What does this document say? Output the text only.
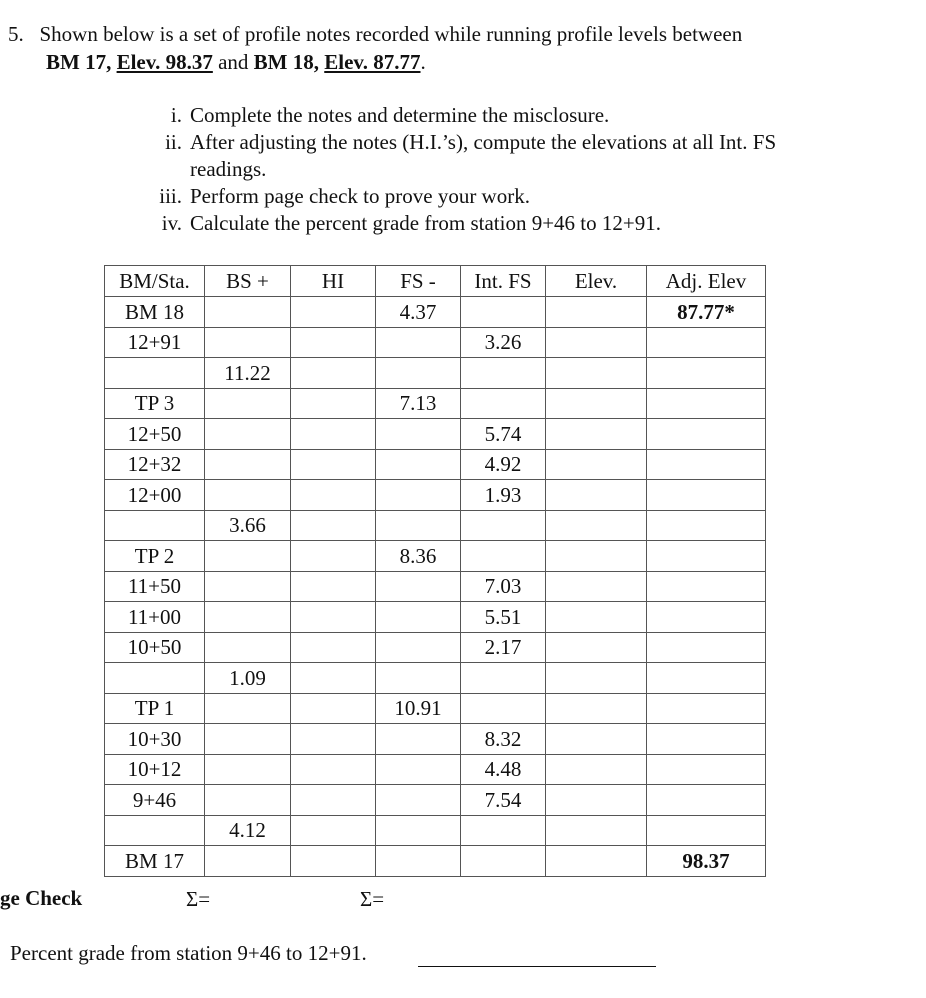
5. Shown below is a set of profile notes recorded while running profile levels between
BM 17, Elev. 98.37 and BM 18, Elev. 87.77.
i. Complete the notes and determine the misclosure.
ii. After adjusting the notes (H.I.’s), compute the elevations at all Int. FS readings.
iii. Perform page check to prove your work.
iv. Calculate the percent grade from station 9+46 to 12+91.
BM/Sta.	BS +	HI	FS -	Int. FS	Elev.	Adj. Elev
BM 18			4.37			87.77*
12+91				3.26		
	11.22					
TP 3			7.13			
12+50				5.74		
12+32				4.92		
12+00				1.93		
	3.66					
TP 2			8.36			
11+50				7.03		
11+00				5.51		
10+50				2.17		
	1.09					
TP 1			10.91			
10+30				8.32		
10+12				4.48		
9+46				7.54		
	4.12					
BM 17						98.37
ge Check	Σ=	Σ=
Percent grade from station 9+46 to 12+91.
